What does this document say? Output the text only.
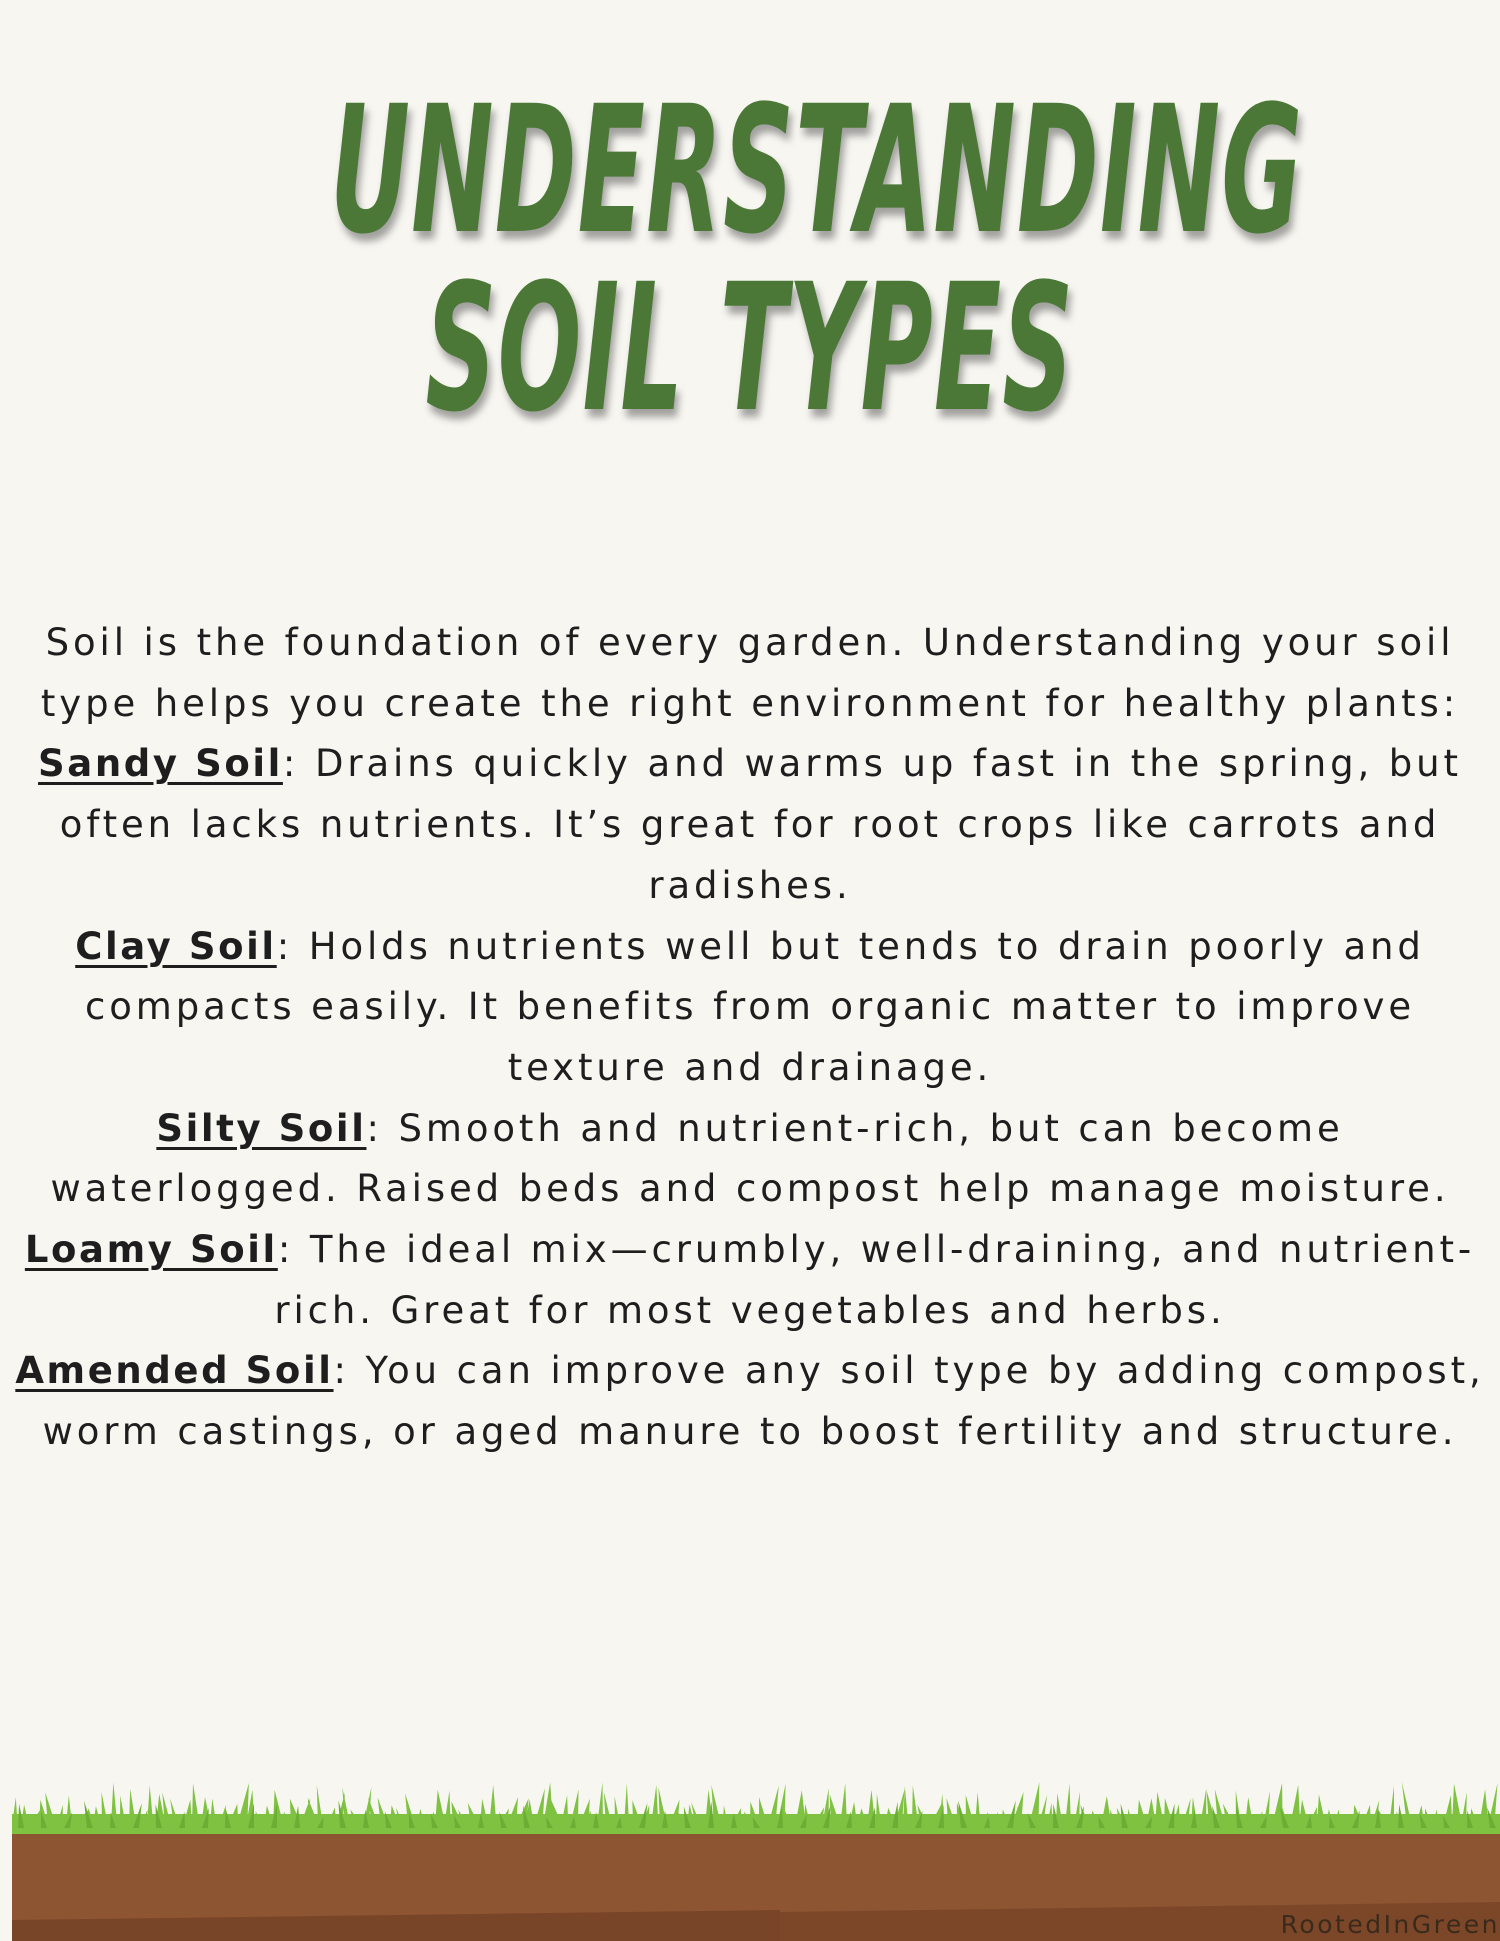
UNDERSTANDING
SOIL TYPES

Soil is the foundation of every garden. Understanding your soil type helps you create the right environment for healthy plants:

Sandy Soil: Drains quickly and warms up fast in the spring, but often lacks nutrients. It’s great for root crops like carrots and radishes.

Clay Soil: Holds nutrients well but tends to drain poorly and compacts easily. It benefits from organic matter to improve texture and drainage.

Silty Soil: Smooth and nutrient-rich, but can become waterlogged. Raised beds and compost help manage moisture.

Loamy Soil: The ideal mix—crumbly, well-draining, and nutrient-rich. Great for most vegetables and herbs.

Amended Soil: You can improve any soil type by adding compost, worm castings, or aged manure to boost fertility and structure.

RootedInGreen
